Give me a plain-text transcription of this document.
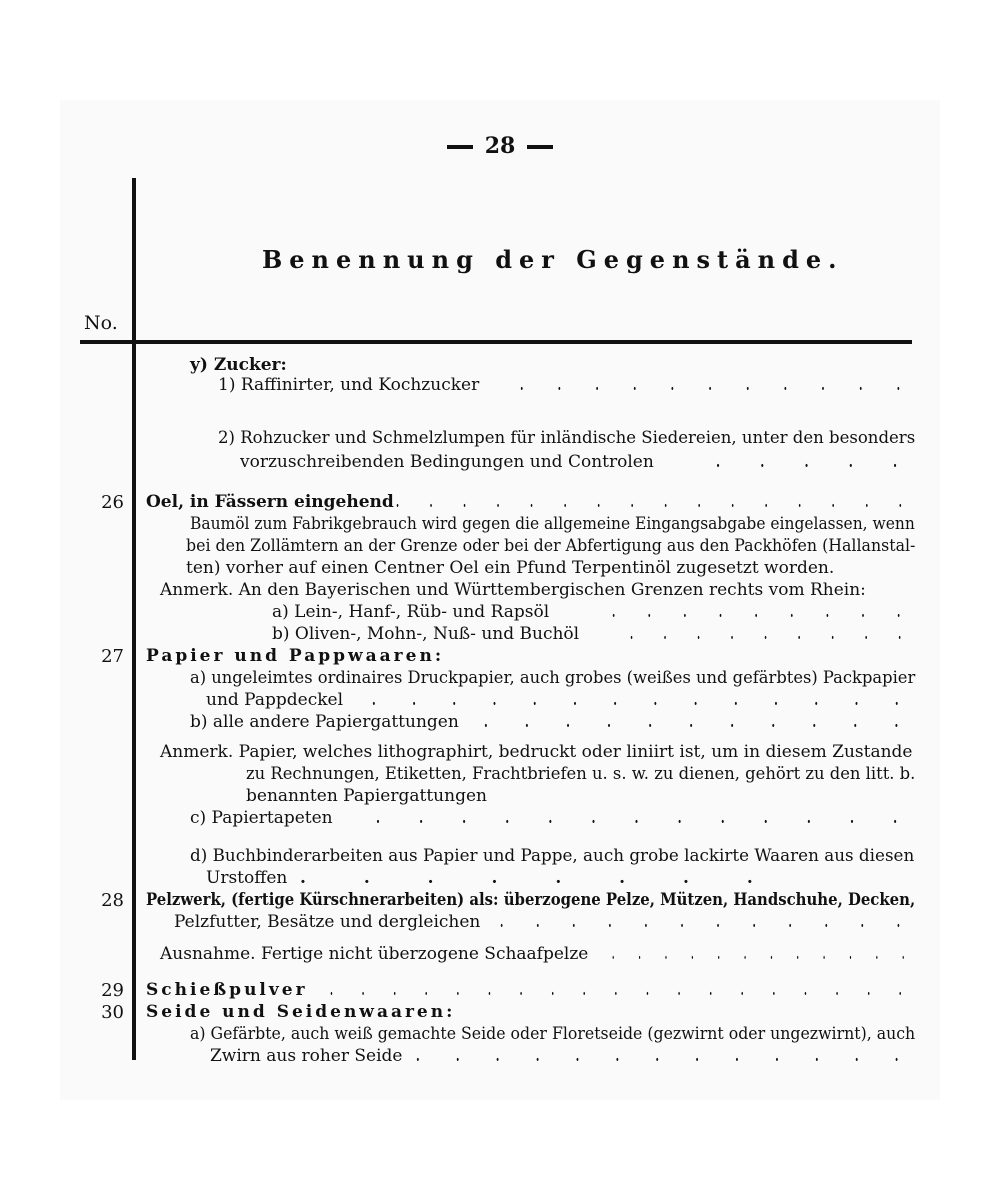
28
Benennung der Gegenstände.
No.
y) Zucker:
1) Raffinirter, und Kochzucker . . . . . . . . . . .
2) Rohzucker und Schmelzlumpen für inländische Siedereien, unter den besonders
vorzuschreibenden Bedingungen und Controlen	. . . . .
26 Oel, in Fässern eingehend . . . . . . . . . . . . . . . .
Baumöl zum Fabrikgebrauch wird gegen die allgemeine Eingangsabgabe eingelassen, wenn
bei den Zollämtern an der Grenze oder bei der Abfertigung aus den Packhöfen (Hallanstal-
ten) vorher auf einen Centner Oel ein Pfund Terpentinöl zugesetzt worden.
Anmerk. An den Bayerischen und Württembergischen Grenzen rechts vom Rhein:
a) Lein-, Hanf-, Rüb- und Rapsöl	. . . . . . . . .
b) Oliven-, Mohn-, Nuß- und Buchöl	. . . . . . . . .
27 Papier und Pappwaaren:
a) ungeleimtes ordinaires Druckpapier, auch grobes (weißes und gefärbtes) Packpapier
und Pappdeckel . . . . . . . . . . . . . .
b) alle andere Papiergattungen . . . . . . . . . . .
Anmerk. Papier, welches lithographirt, bedruckt oder liniirt ist, um in diesem Zustande
zu Rechnungen, Etiketten, Frachtbriefen u. s. w. zu dienen, gehört zu den litt. b.
benannten Papiergattungen
c) Papiertapeten	. . . . . . . . . . . . .
d) Buchbinderarbeiten aus Papier und Pappe, auch grobe lackirte Waaren aus diesen
Urstoffen . . . . . . . .
28 Pelzwerk, (fertige Kürschnerarbeiten) als: überzogene Pelze, Mützen, Handschuhe, Decken,
Pelzfutter, Besätze und dergleichen . . . . . . . . . . . .
Ausnahme. Fertige nicht überzogene Schaafpelze . . . . . . . . . . . .
29 Schießpulver . . . . . . . . . . . . . . . . . . .
30 Seide und Seidenwaaren:
a) Gefärbte, auch weiß gemachte Seide oder Floretseide (gezwirnt oder ungezwirnt), auch
Zwirn aus roher Seide . . . . . . . . . . . . .
